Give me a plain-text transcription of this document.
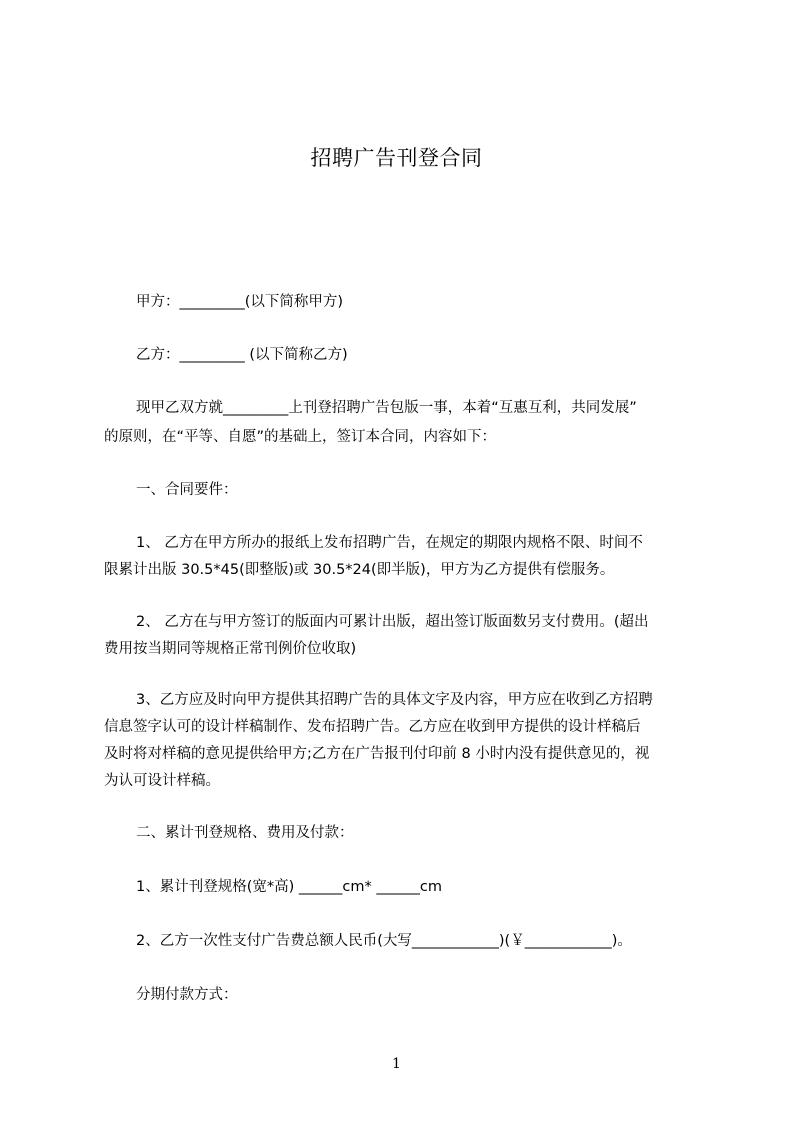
招聘广告刊登合同
甲方：_________(以下简称甲方)
乙方：_________ (以下简称乙方)
现甲乙双方就_________上刊登招聘广告包版一事，本着“互惠互利，共同发展”
的原则，在“平等、自愿”的基础上，签订本合同，内容如下：
一、合同要件：
1、 乙方在甲方所办的报纸上发布招聘广告，在规定的期限内规格不限、时间不
限累计出版 30.5*45(即整版)或 30.5*24(即半版)，甲方为乙方提供有偿服务。
2、 乙方在与甲方签订的版面内可累计出版，超出签订版面数另支付费用。(超出
费用按当期同等规格正常刊例价位收取)
3、乙方应及时向甲方提供其招聘广告的具体文字及内容，甲方应在收到乙方招聘
信息签字认可的设计样稿制作、发布招聘广告。乙方应在收到甲方提供的设计样稿后
及时将对样稿的意见提供给甲方;乙方在广告报刊付印前 8 小时内没有提供意见的，视
为认可设计样稿。
二、累计刊登规格、费用及付款：
1、累计刊登规格(宽*高) ______cm* ______cm
2、乙方一次性支付广告费总额人民币(大写____________)(￥____________)。
分期付款方式：
1
